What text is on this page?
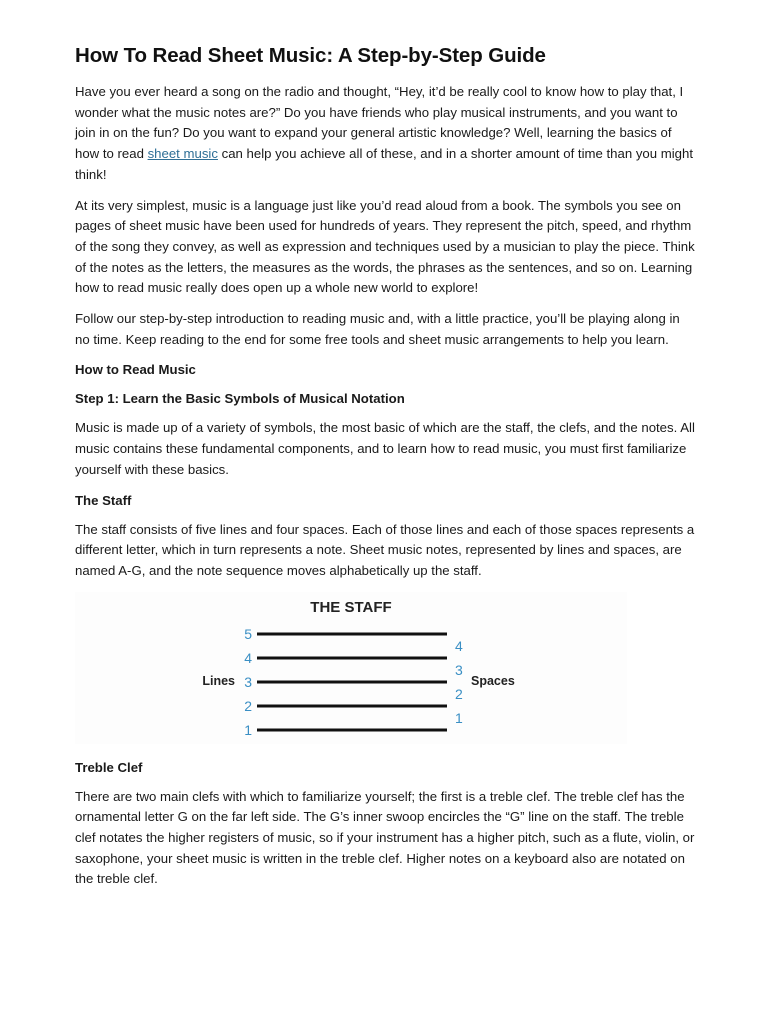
How To Read Sheet Music: A Step-by-Step Guide

Have you ever heard a song on the radio and thought, “Hey, it’d be really cool to know how to play that, I wonder what the music notes are?” Do you have friends who play musical instruments, and you want to join in on the fun? Do you want to expand your general artistic knowledge? Well, learning the basics of how to read sheet music can help you achieve all of these, and in a shorter amount of time than you might think!

At its very simplest, music is a language just like you’d read aloud from a book. The symbols you see on pages of sheet music have been used for hundreds of years. They represent the pitch, speed, and rhythm of the song they convey, as well as expression and techniques used by a musician to play the piece. Think of the notes as the letters, the measures as the words, the phrases as the sentences, and so on. Learning how to read music really does open up a whole new world to explore!

Follow our step-by-step introduction to reading music and, with a little practice, you’ll be playing along in no time. Keep reading to the end for some free tools and sheet music arrangements to help you learn.

How to Read Music
Step 1: Learn the Basic Symbols of Musical Notation

Music is made up of a variety of symbols, the most basic of which are the staff, the clefs, and the notes. All music contains these fundamental components, and to learn how to read music, you must first familiarize yourself with these basics.

The Staff

The staff consists of five lines and four spaces. Each of those lines and each of those spaces represents a different letter, which in turn represents a note. Sheet music notes, represented by lines and spaces, are named A-G, and the note sequence moves alphabetically up the staff.

THE STAFF
5
4
3
2
1
4
3
2
1
Lines	Spaces
Treble Clef

There are two main clefs with which to familiarize yourself; the first is a treble clef. The treble clef has the ornamental letter G on the far left side. The G’s inner swoop encircles the “G” line on the staff. The treble clef notates the higher registers of music, so if your instrument has a higher pitch, such as a flute, violin, or saxophone, your sheet music is written in the treble clef. Higher notes on a keyboard also are notated on the treble clef.
